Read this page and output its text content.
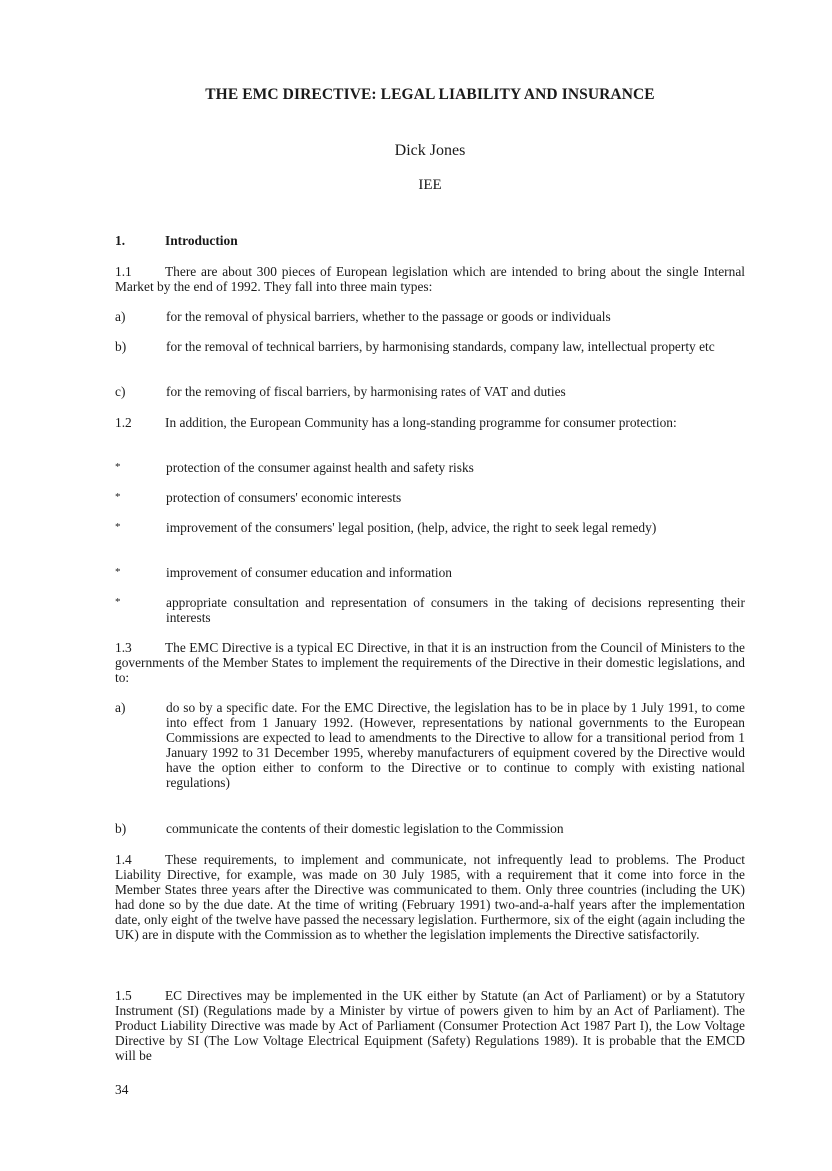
THE EMC DIRECTIVE: LEGAL LIABILITY AND INSURANCE
Dick Jones
IEE
1.	Introduction
1.1 There are about 300 pieces of European legislation which are intended to bring about the single Internal Market by the end of 1992. They fall into three main types:
a)	for the removal of physical barriers, whether to the passage or goods or individuals
b)	for the removal of technical barriers, by harmonising standards, company law, intellectual property etc
c)	for the removing of fiscal barriers, by harmonising rates of VAT and duties
1.2 In addition, the European Community has a long-standing programme for consumer protection:
*	protection of the consumer against health and safety risks
*	protection of consumers' economic interests
*	improvement of the consumers' legal position, (help, advice, the right to seek legal remedy)
*	improvement of consumer education and information
*	appropriate consultation and representation of consumers in the taking of decisions representing their interests
1.3 The EMC Directive is a typical EC Directive, in that it is an instruction from the Council of Ministers to the governments of the Member States to implement the requirements of the Directive in their domestic legislations, and to:
a)	do so by a specific date. For the EMC Directive, the legislation has to be in place by 1 July 1991, to come into effect from 1 January 1992. (However, representations by national governments to the European Commissions are expected to lead to amendments to the Directive to allow for a transitional period from 1 January 1992 to 31 December 1995, whereby manufacturers of equipment covered by the Directive would have the option either to conform to the Directive or to continue to comply with existing national regulations)
b)	communicate the contents of their domestic legislation to the Commission
1.4 These requirements, to implement and communicate, not infrequently lead to problems. The Product Liability Directive, for example, was made on 30 July 1985, with a requirement that it come into force in the Member States three years after the Directive was communicated to them. Only three countries (including the UK) had done so by the due date. At the time of writing (February 1991) two-and-a-half years after the implementation date, only eight of the twelve have passed the necessary legislation. Furthermore, six of the eight (again including the UK) are in dispute with the Commission as to whether the legislation implements the Directive satisfactorily.
1.5 EC Directives may be implemented in the UK either by Statute (an Act of Parliament) or by a Statutory Instrument (SI) (Regulations made by a Minister by virtue of powers given to him by an Act of Parliament). The Product Liability Directive was made by Act of Parliament (Consumer Protection Act 1987 Part I), the Low Voltage Directive by SI (The Low Voltage Electrical Equipment (Safety) Regulations 1989). It is probable that the EMCD will be
34
